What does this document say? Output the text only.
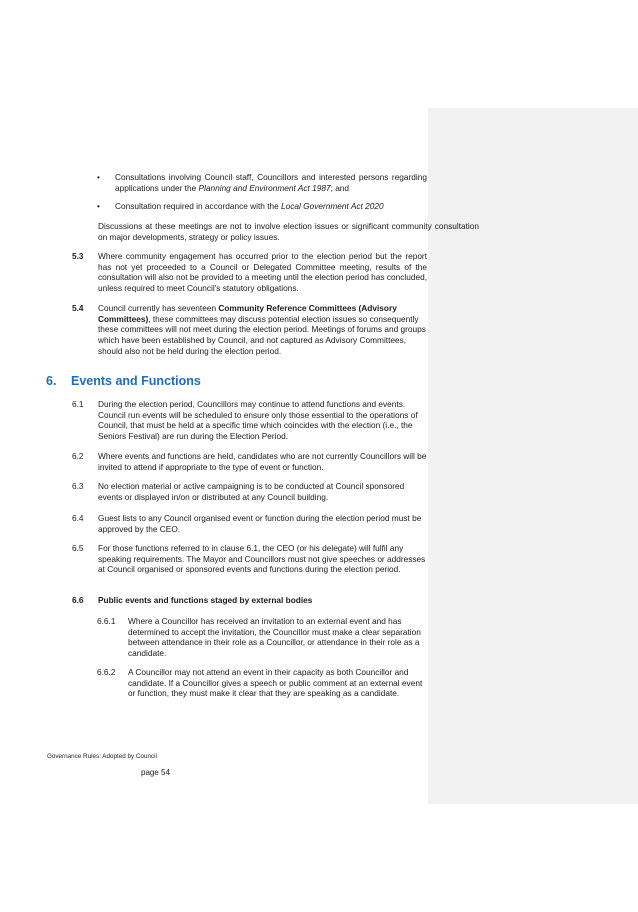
•	Consultations involving Council staff, Councillors and interested persons regarding applications under the Planning and Environment Act 1987; and
•	Consultation required in accordance with the Local Government Act 2020
Discussions at these meetings are not to involve election issues or significant community consultation on major developments, strategy or policy issues.
5.3	Where community engagement has occurred prior to the election period but the report has not yet proceeded to a Council or Delegated Committee meeting, results of the consultation will also not be provided to a meeting until the election period has concluded, unless required to meet Council's statutory obligations.
5.4	Council currently has seventeen Community Reference Committees (Advisory Committees), these committees may discuss potential election issues so consequently these committees will not meet during the election period. Meetings of forums and groups which have been established by Council, and not captured as Advisory Committees, should also not be held during the election period.
6.	Events and Functions
6.1	During the election period, Councillors may continue to attend functions and events. Council run events will be scheduled to ensure only those essential to the operations of Council, that must be held at a specific time which coincides with the election (i.e., the Seniors Festival) are run during the Election Period.
6.2	Where events and functions are held, candidates who are not currently Councillors will be invited to attend if appropriate to the type of event or function.
6.3	No election material or active campaigning is to be conducted at Council sponsored events or displayed in/on or distributed at any Council building.
6.4	Guest lists to any Council organised event or function during the election period must be approved by the CEO.
6.5	For those functions referred to in clause 6.1, the CEO (or his delegate) will fulfil any speaking requirements. The Mayor and Councillors must not give speeches or addresses at Council organised or sponsored events and functions during the election period.
6.6	Public events and functions staged by external bodies
6.6.1	Where a Councillor has received an invitation to an external event and has determined to accept the invitation, the Councillor must make a clear separation between attendance in their role as a Councillor, or attendance in their role as a candidate.
6.6.2	A Councillor may not attend an event in their capacity as both Councillor and candidate. If a Councillor gives a speech or public comment at an external event or function, they must make it clear that they are speaking as a candidate.
Governance Rules: Adopted by Council
page 54
